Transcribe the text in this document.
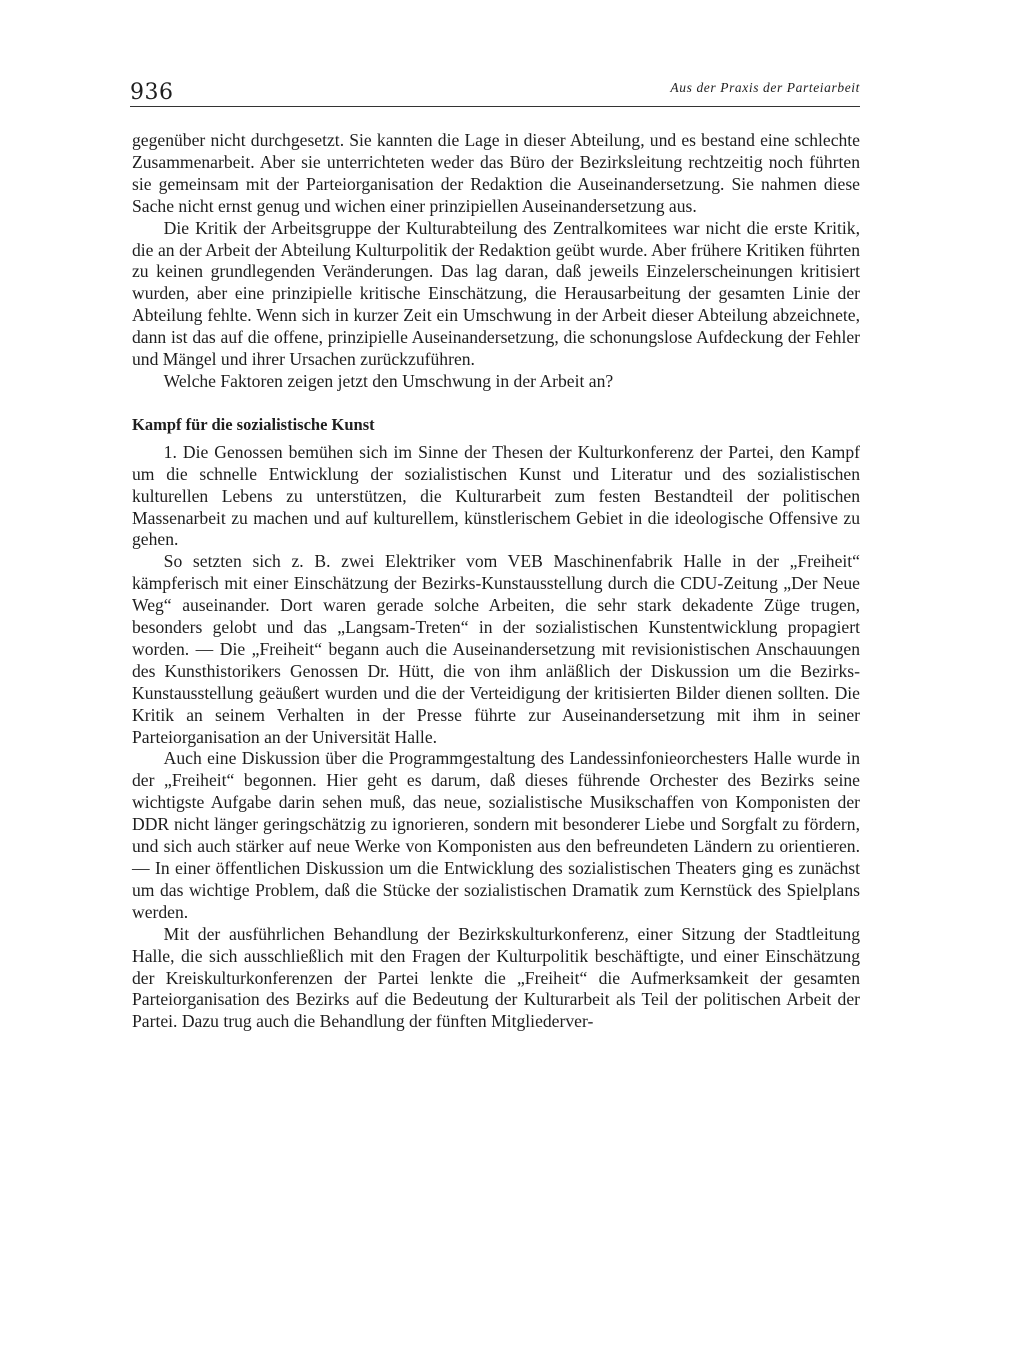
936	Aus der Praxis der Parteiarbeit

gegenüber nicht durchgesetzt. Sie kannten die Lage in dieser Abteilung, und es bestand eine schlechte Zusammenarbeit. Aber sie unterrichteten weder das Büro der Bezirksleitung rechtzeitig noch führten sie gemeinsam mit der Parteiorganisation der Redaktion die Auseinandersetzung. Sie nahmen diese Sache nicht ernst genug und wichen einer prinzipiellen Auseinandersetzung aus.

Die Kritik der Arbeitsgruppe der Kulturabteilung des Zentralkomitees war nicht die erste Kritik, die an der Arbeit der Abteilung Kulturpolitik der Redaktion geübt wurde. Aber frühere Kritiken führten zu keinen grundlegenden Veränderungen. Das lag daran, daß jeweils Einzelerscheinungen kritisiert wurden, aber eine prinzipielle kritische Einschätzung, die Herausarbeitung der gesamten Linie der Abteilung fehlte. Wenn sich in kurzer Zeit ein Umschwung in der Arbeit dieser Abteilung abzeichnete, dann ist das auf die offene, prinzipielle Auseinandersetzung, die schonungslose Aufdeckung der Fehler und Mängel und ihrer Ursachen zurückzuführen.

Welche Faktoren zeigen jetzt den Umschwung in der Arbeit an?

Kampf für die sozialistische Kunst

1. Die Genossen bemühen sich im Sinne der Thesen der Kulturkonferenz der Partei, den Kampf um die schnelle Entwicklung der sozialistischen Kunst und Literatur und des sozialistischen kulturellen Lebens zu unterstützen, die Kulturarbeit zum festen Bestandteil der politischen Massenarbeit zu machen und auf kulturellem, künstlerischem Gebiet in die ideologische Offensive zu gehen.

So setzten sich z. B. zwei Elektriker vom VEB Maschinenfabrik Halle in der „Freiheit“ kämpferisch mit einer Einschätzung der Bezirks-Kunstausstellung durch die CDU-Zeitung „Der Neue Weg“ auseinander. Dort waren gerade solche Arbeiten, die sehr stark dekadente Züge trugen, besonders gelobt und das „Langsam-Treten“ in der sozialistischen Kunstentwicklung propagiert worden. — Die „Freiheit“ begann auch die Auseinandersetzung mit revisionistischen Anschauungen des Kunsthistorikers Genossen Dr. Hütt, die von ihm anläßlich der Diskussion um die Bezirks-Kunstausstellung geäußert wurden und die der Verteidigung der kritisierten Bilder dienen sollten. Die Kritik an seinem Verhalten in der Presse führte zur Auseinandersetzung mit ihm in seiner Parteiorganisation an der Universität Halle.

Auch eine Diskussion über die Programmgestaltung des Landessinfonieorchesters Halle wurde in der „Freiheit“ begonnen. Hier geht es darum, daß dieses führende Orchester des Bezirks seine wichtigste Aufgabe darin sehen muß, das neue, sozialistische Musikschaffen von Komponisten der DDR nicht länger geringschätzig zu ignorieren, sondern mit besonderer Liebe und Sorgfalt zu fördern, und sich auch stärker auf neue Werke von Komponisten aus den befreundeten Ländern zu orientieren. — In einer öffentlichen Diskussion um die Entwicklung des sozialistischen Theaters ging es zunächst um das wichtige Problem, daß die Stücke der sozialistischen Dramatik zum Kernstück des Spielplans werden.

Mit der ausführlichen Behandlung der Bezirkskulturkonferenz, einer Sitzung der Stadtleitung Halle, die sich ausschließlich mit den Fragen der Kulturpolitik beschäftigte, und einer Einschätzung der Kreiskulturkonferenzen der Partei lenkte die „Freiheit“ die Aufmerksamkeit der gesamten Parteiorganisation des Bezirks auf die Bedeutung der Kulturarbeit als Teil der politischen Arbeit der Partei. Dazu trug auch die Behandlung der fünften Mitgliederver-
